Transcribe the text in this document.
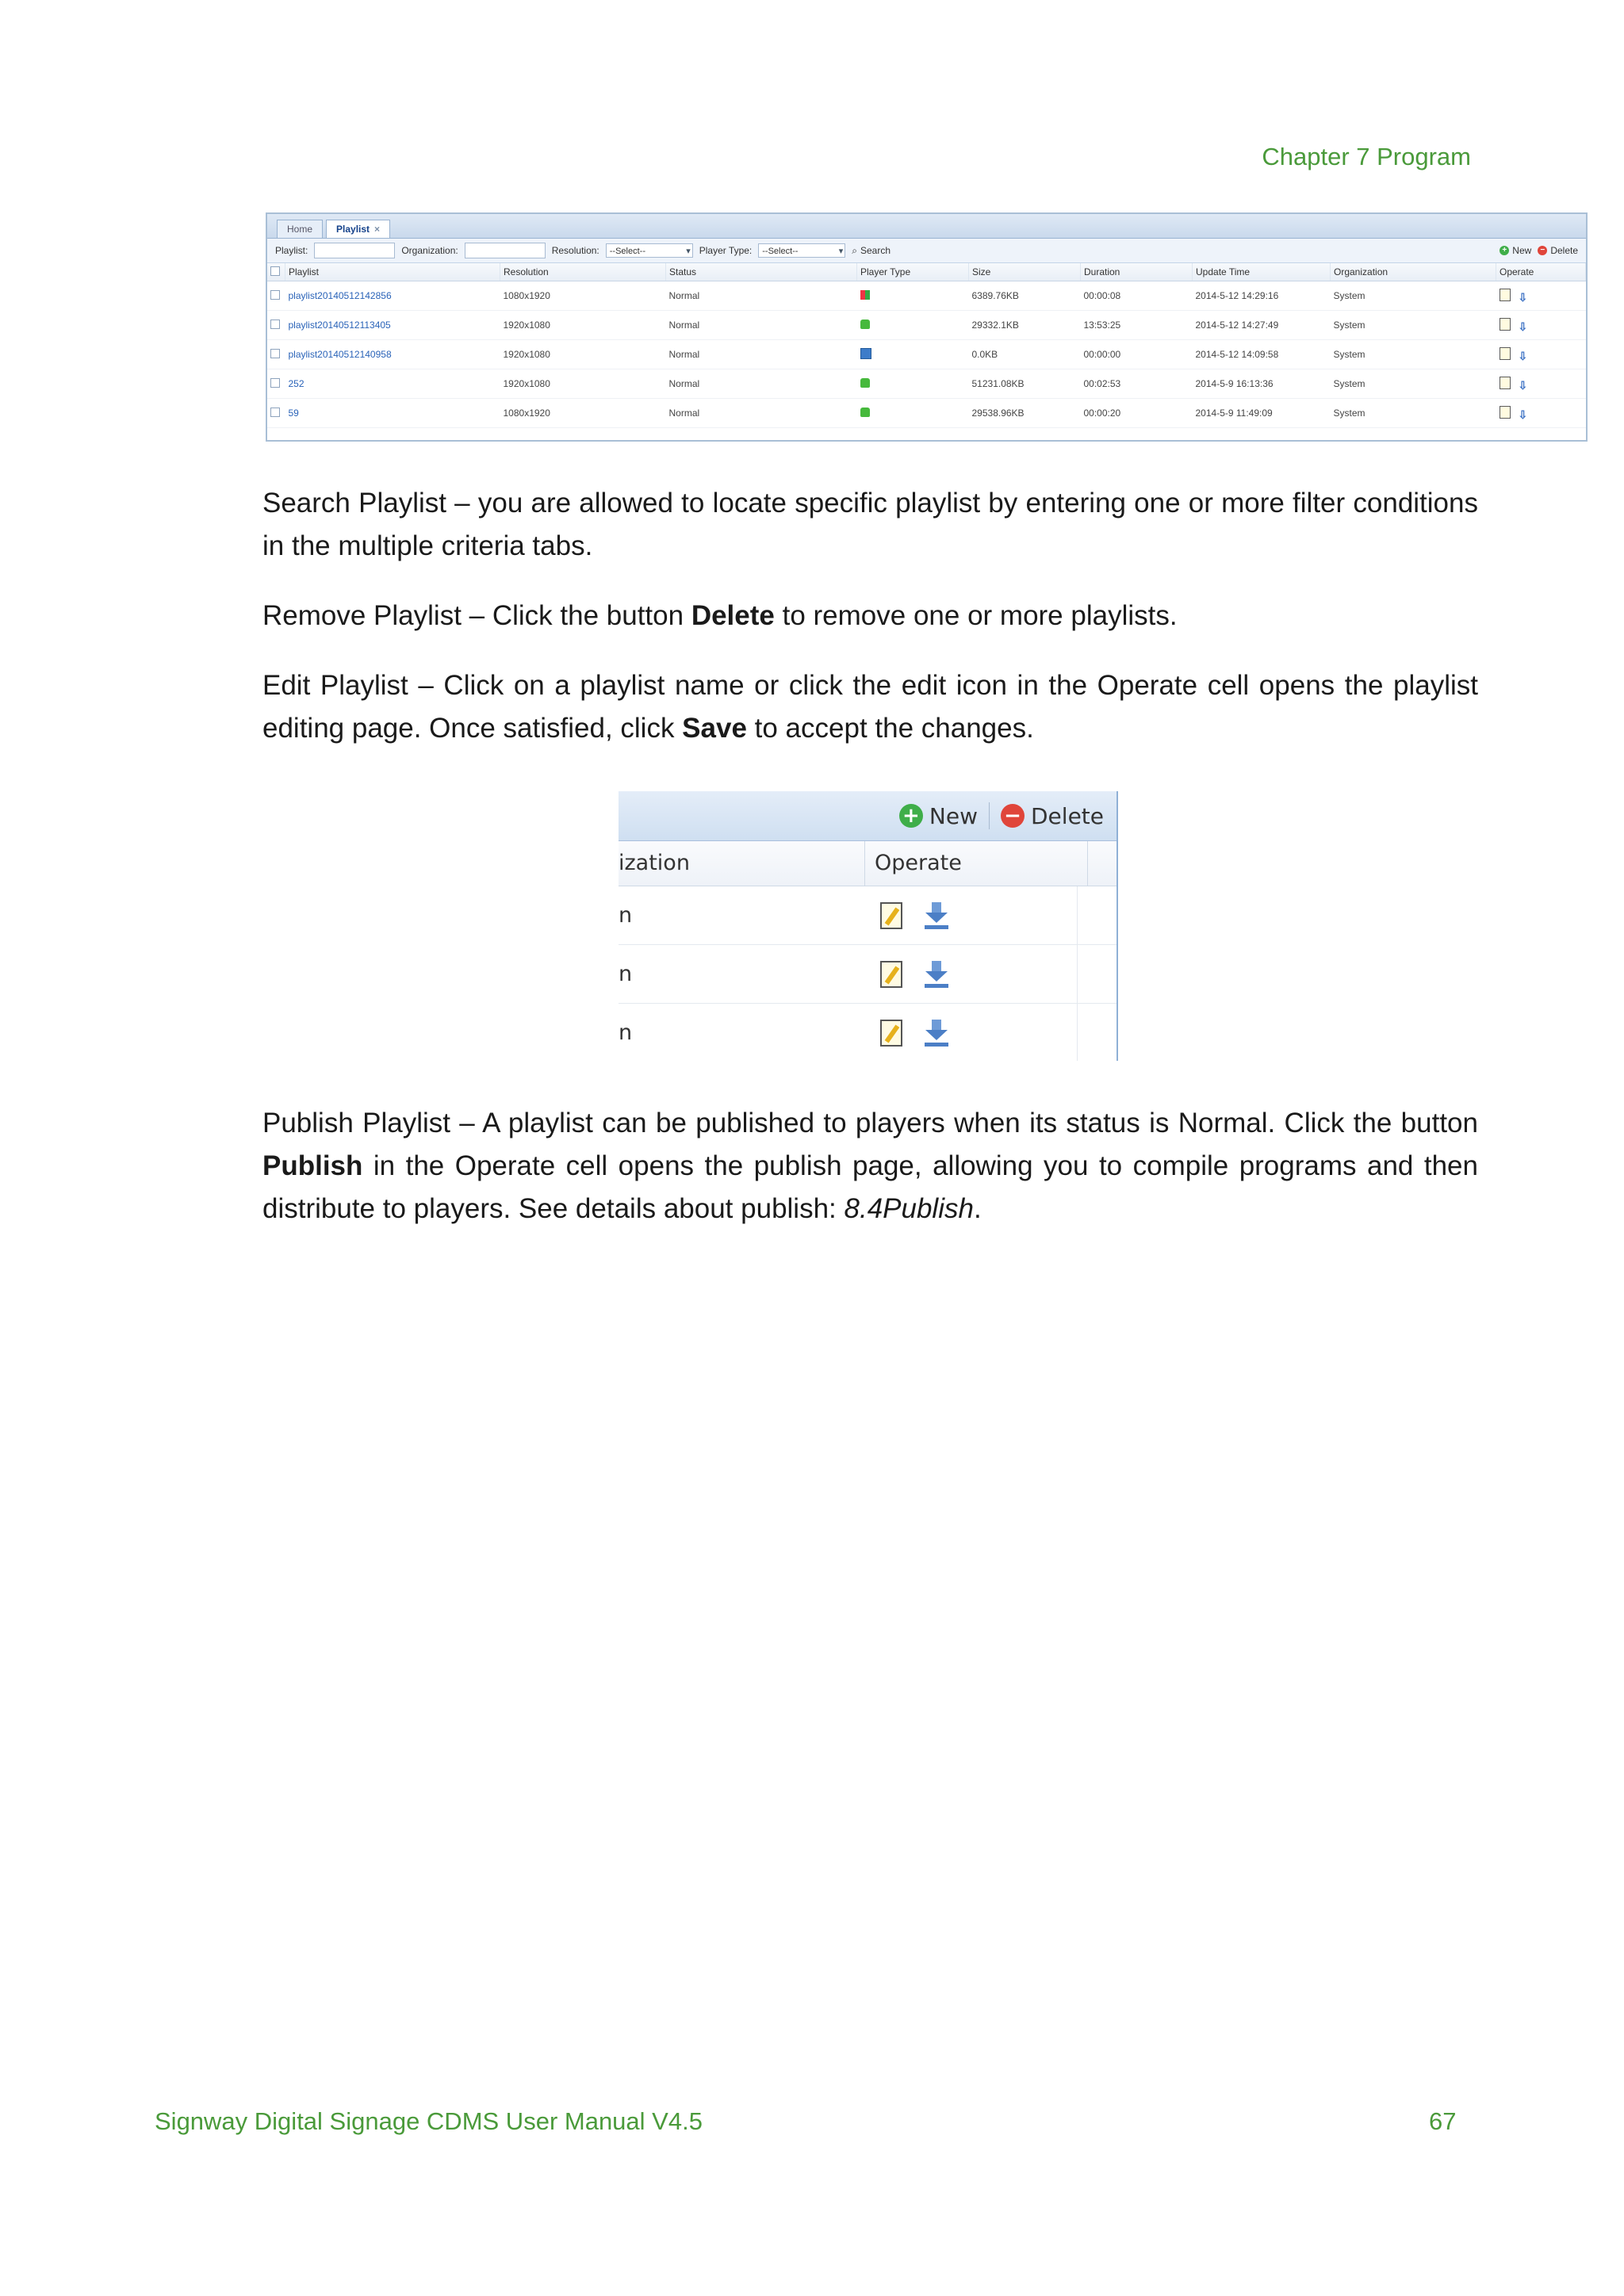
Chapter 7 Program
Home	Playlist ×
Playlist:	Organization:	Resolution:	--Select-- ▾	Player Type:	--Select-- ▾	⌕ Search	+ New	− Delete
	Playlist	Resolution	Status	Player Type	Size	Duration	Update Time	Organization	Operate
	playlist20140512142856	1080x1920	Normal		6389.76KB	00:00:08	2014-5-12 14:29:16	System	⇩
	playlist20140512113405	1920x1080	Normal		29332.1KB	13:53:25	2014-5-12 14:27:49	System	⇩
	playlist20140512140958	1920x1080	Normal		0.0KB	00:00:00	2014-5-12 14:09:58	System	⇩
	252	1920x1080	Normal		51231.08KB	00:02:53	2014-5-9 16:13:36	System	⇩
	59	1080x1920	Normal		29538.96KB	00:00:20	2014-5-9 11:49:09	System	⇩
Search Playlist – you are allowed to locate specific playlist by entering one or more filter conditions in the multiple criteria tabs.
Remove Playlist – Click the button Delete to remove one or more playlists.
Edit Playlist – Click on a playlist name or click the edit icon in the Operate cell opens the playlist editing page. Once satisfied, click Save to accept the changes.
+ New − Delete
ization	Operate
n
n
n
Publish Playlist – A playlist can be published to players when its status is Normal. Click the button Publish in the Operate cell opens the publish page, allowing you to compile programs and then distribute to players. See details about publish: 8.4Publish.
Signway Digital Signage CDMS User Manual V4.5	67
